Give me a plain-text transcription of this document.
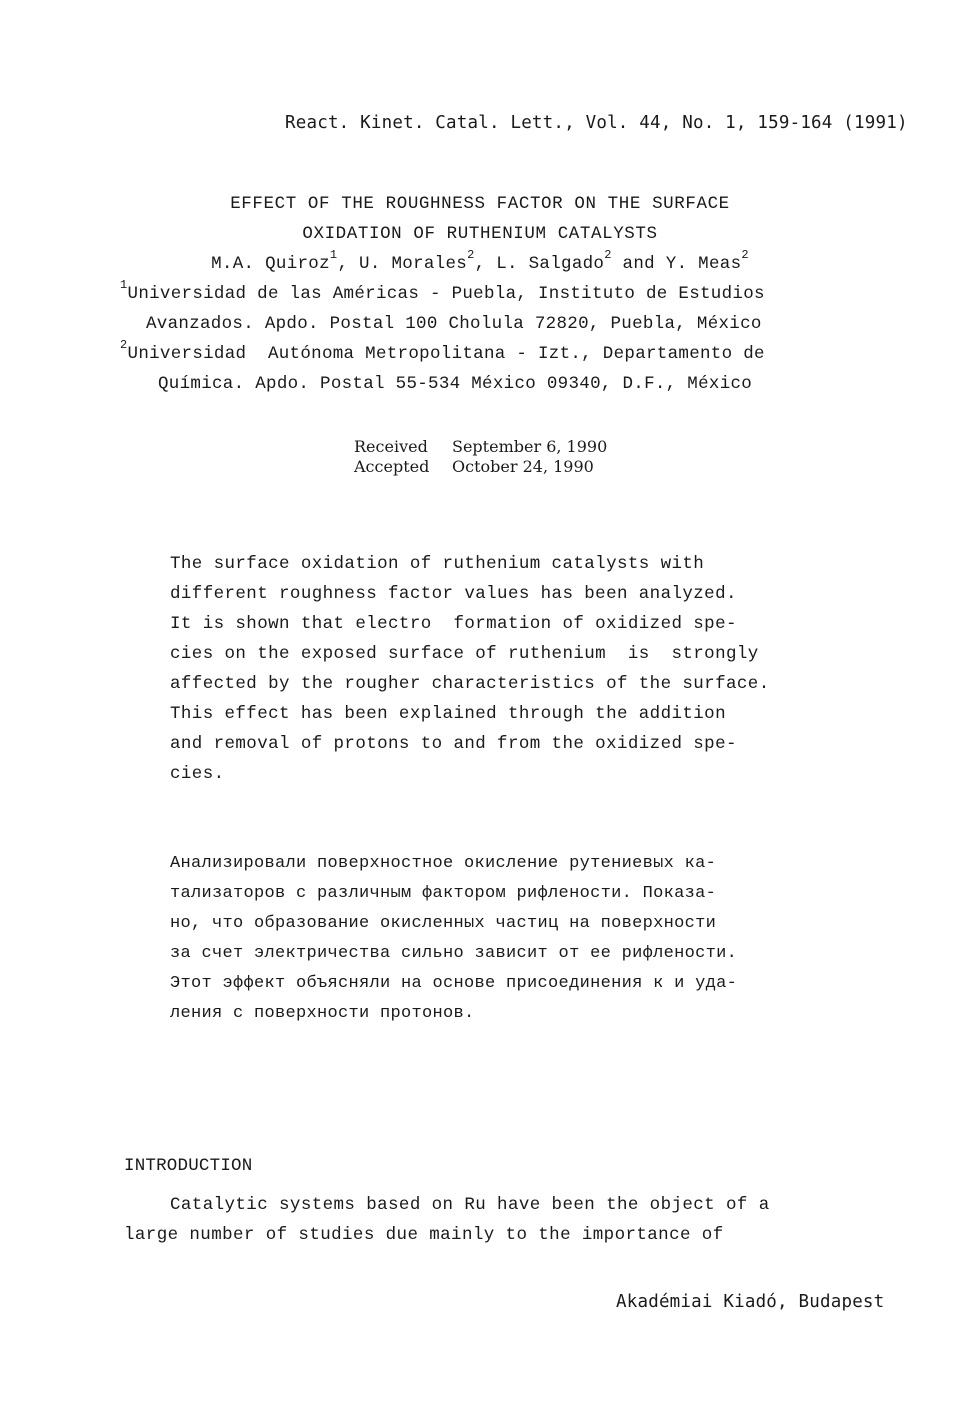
React. Kinet. Catal. Lett., Vol. 44, No. 1, 159-164 (1991)
EFFECT OF THE ROUGHNESS FACTOR ON THE SURFACE
OXIDATION OF RUTHENIUM CATALYSTS
M.A. Quiroz$^1$, U. Morales$^2$, L. Salgado$^2$ and Y. Meas$^2$
$^1$Universidad de las Américas - Puebla, Instituto de Estudios
Avanzados. Apdo. Postal 100 Cholula 72820, Puebla, México
$^2$Universidad  Autónoma Metropolitana - Izt., Departamento de
Química. Apdo. Postal 55-534 México 09340, D.F., México
Received September 6, 1990
Accepted October 24, 1990
The surface oxidation of ruthenium catalysts with
different roughness factor values has been analyzed.
It is shown that electro  formation of oxidized spe-
cies on the exposed surface of ruthenium  is  strongly
affected by the rougher characteristics of the surface.
This effect has been explained through the addition
and removal of protons to and from the oxidized spe-
cies.
Анализировали поверхностное окисление рутениевых ка-
тализаторов с различным фактором рифлености. Показа-
но, что образование окисленных частиц на поверхности
за счет электричества сильно зависит от ее рифлености.
Этот эффект объясняли на основе присоединения к и уда-
ления с поверхности протонов.
INTRODUCTION
Catalytic systems based on Ru have been the object of a
large number of studies due mainly to the importance of
Akadémiai Kiadó, Budapest
